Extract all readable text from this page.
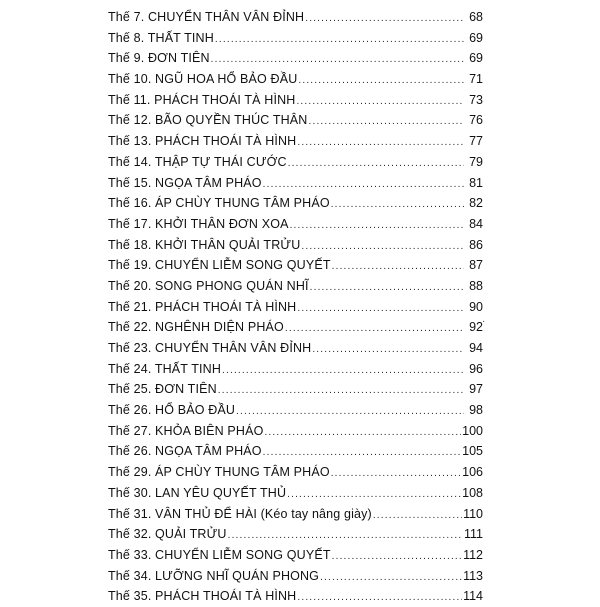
Thế 7. CHUYỂN THÂN VÂN ĐỈNH .....	68
Thế 8. THẤT TINH .....	69
Thế 9. ĐƠN TIÊN .....	69
Thế 10. NGŨ HOA HỔ BẢO ĐẦU .....	71
Thế 11. PHÁCH THOÁI TÀ HÌNH .....	73
Thế 12. BÃO QUYỀN THÚC THÂN .....	76
Thế 13. PHÁCH THOÁI TÀ HÌNH .....	77
Thế 14. THẬP TỰ THÁI CƯỚC .....	79
Thế 15. NGỌA TÂM PHÁO .....	81
Thế 16. ÁP CHÙY THUNG TÂM PHÁO .....	82
Thế 17. KHỞI THÂN ĐƠN XOA .....	84
Thế 18. KHỞI THÂN QUẢI TRỬU .....	86
Thế 19. CHUYỂN LIỄM SONG QUYẾT .....	87
Thế 20. SONG PHONG QUÁN NHĨ .....	88
Thế 21. PHÁCH THOÁI TÀ HÌNH .....	90
Thế 22. NGHÊNH DIỆN PHÁO .....	92
Thế 23. CHUYỂN THÂN VÂN ĐỈNH .....	94
Thế 24. THẤT TINH .....	96
Thế 25. ĐƠN TIÊN .....	97
Thế 26. HỔ BẢO ĐẦU .....	98
Thế 27. KHỎA BIÊN PHÁO .....	100
Thế 26. NGỌA TÂM PHÁO .....	105
Thế 29. ÁP CHÙY THUNG TÂM PHÁO .....	106
Thế 30. LAN YÊU QUYẾT THỦ .....	108
Thế 31. VÂN THỦ ĐỂ HÀI (Kéo tay nâng giày) .....	110
Thế 32. QUẢI TRỬU .....	111
Thế 33. CHUYỂN LIỄM SONG QUYẾT .....	112
Thế 34. LƯỠNG NHĨ QUÁN PHONG .....	113
Thế 35. PHÁCH THOÁI TÀ HÌNH .....	114
·
